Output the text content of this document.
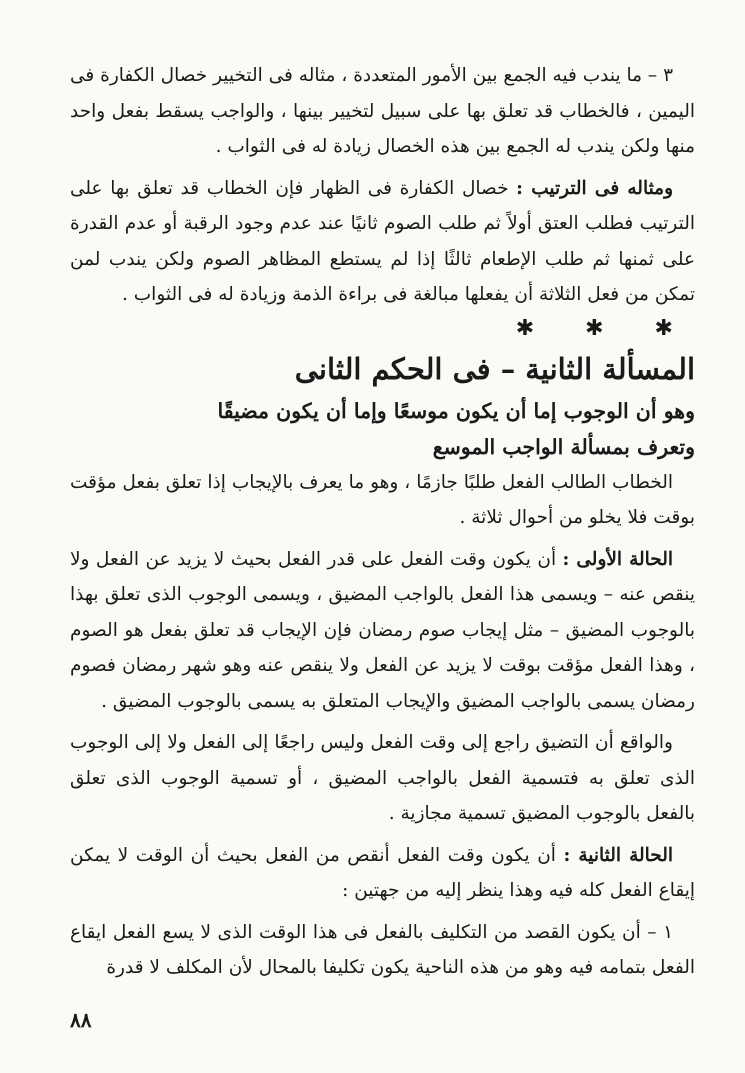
٣ – ما يندب فيه الجمع بين الأمور المتعددة ، مثاله فى التخيير خصال الكفارة فى اليمين ، فالخطاب قد تعلق بها على سبيل لتخيير بينها ، والواجب يسقط بفعل واحد منها ولكن يندب له الجمع بين هذه الخصال زيادة له فى الثواب .

ومثاله فى الترتيب : خصال الكفارة فى الظهار فإن الخطاب قد تعلق بها على الترتيب فطلب العتق أولاً ثم طلب الصوم ثانيًا عند عدم وجود الرقبة أو عدم القدرة على ثمنها ثم طلب الإطعام ثالثًا إذا لم يستطع المظاهر الصوم ولكن يندب لمن تمكن من فعل الثلاثة أن يفعلها مبالغة فى براءة الذمة وزيادة له فى الثواب .

✱ ✱ ✱
المسألة الثانية – فى الحكم الثانى
وهو أن الوجوب إما أن يكون موسعًا وإما أن يكون مضيقًا
وتعرف بمسألة الواجب الموسع

الخطاب الطالب الفعل طلبًا جازمًا ، وهو ما يعرف بالإيجاب إذا تعلق بفعل مؤقت بوقت فلا يخلو من أحوال ثلاثة .

الحالة الأولى : أن يكون وقت الفعل على قدر الفعل بحيث لا يزيد عن الفعل ولا ينقص عنه – ويسمى هذا الفعل بالواجب المضيق ، ويسمى الوجوب الذى تعلق بهذا بالوجوب المضيق – مثل إيجاب صوم رمضان فإن الإيجاب قد تعلق بفعل هو الصوم ، وهذا الفعل مؤقت بوقت لا يزيد عن الفعل ولا ينقص عنه وهو شهر رمضان فصوم رمضان يسمى بالواجب المضيق والإيجاب المتعلق به يسمى بالوجوب المضيق .

والواقع أن التضيق راجع إلى وقت الفعل وليس راجعًا إلى الفعل ولا إلى الوجوب الذى تعلق به فتسمية الفعل بالواجب المضيق ، أو تسمية الوجوب الذى تعلق بالفعل بالوجوب المضيق تسمية مجازية .

الحالة الثانية : أن يكون وقت الفعل أنقص من الفعل بحيث أن الوقت لا يمكن إيقاع الفعل كله فيه وهذا ينظر إليه من جهتين :

١ – أن يكون القصد من التكليف بالفعل فى هذا الوقت الذى لا يسع الفعل ايقاع الفعل بتمامه فيه وهو من هذه الناحية يكون تكليفا بالمحال لأن المكلف لا قدرة

٨٨
